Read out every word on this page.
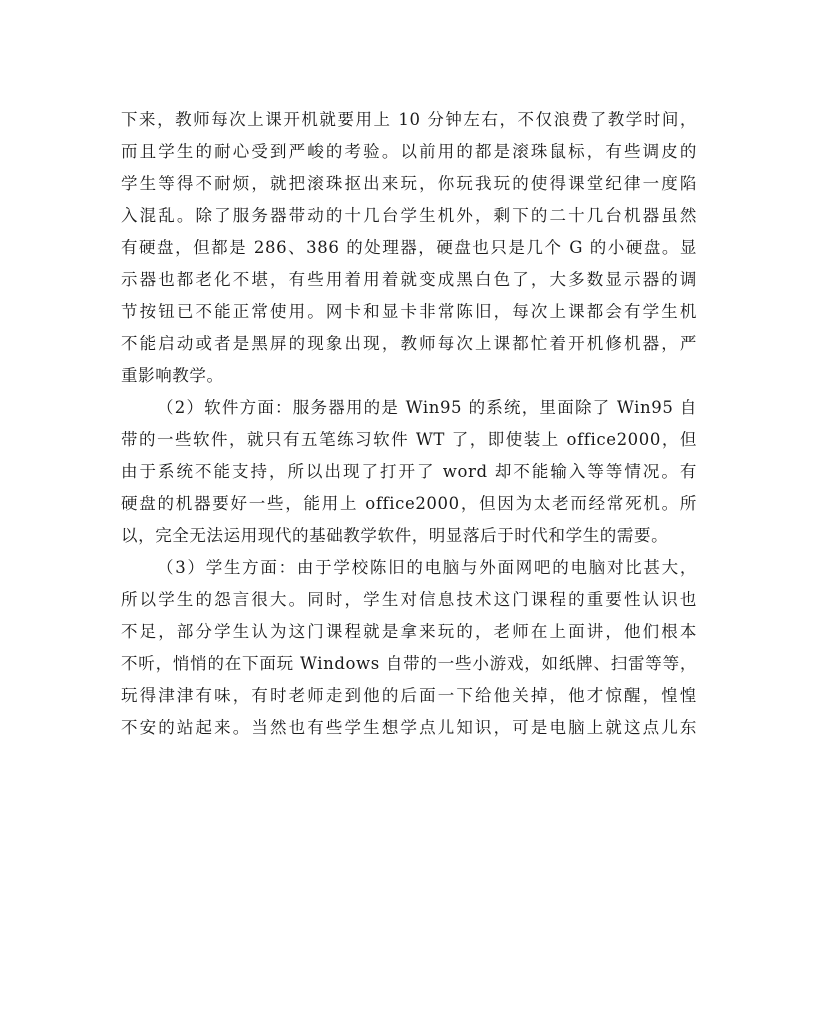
下来，教师每次上课开机就要用上 10 分钟左右，不仅浪费了教学时间，
而且学生的耐心受到严峻的考验。以前用的都是滚珠鼠标，有些调皮的
学生等得不耐烦，就把滚珠抠出来玩，你玩我玩的使得课堂纪律一度陷
入混乱。除了服务器带动的十几台学生机外，剩下的二十几台机器虽然
有硬盘，但都是 286、386 的处理器，硬盘也只是几个 G 的小硬盘。显
示器也都老化不堪，有些用着用着就变成黑白色了，大多数显示器的调
节按钮已不能正常使用。网卡和显卡非常陈旧，每次上课都会有学生机
不能启动或者是黑屏的现象出现，教师每次上课都忙着开机修机器，严
重影响教学。
（2）软件方面：服务器用的是 Win95 的系统，里面除了 Win95 自
带的一些软件，就只有五笔练习软件 WT 了，即使装上 office2000，但
由于系统不能支持，所以出现了打开了 word 却不能输入等等情况。有
硬盘的机器要好一些，能用上 office2000，但因为太老而经常死机。所
以，完全无法运用现代的基础教学软件，明显落后于时代和学生的需要。
（3）学生方面：由于学校陈旧的电脑与外面网吧的电脑对比甚大，
所以学生的怨言很大。同时，学生对信息技术这门课程的重要性认识也
不足，部分学生认为这门课程就是拿来玩的，老师在上面讲，他们根本
不听，悄悄的在下面玩 Windows 自带的一些小游戏，如纸牌、扫雷等等，
玩得津津有味，有时老师走到他的后面一下给他关掉，他才惊醒，惶惶
不安的站起来。当然也有些学生想学点儿知识，可是电脑上就这点儿东
